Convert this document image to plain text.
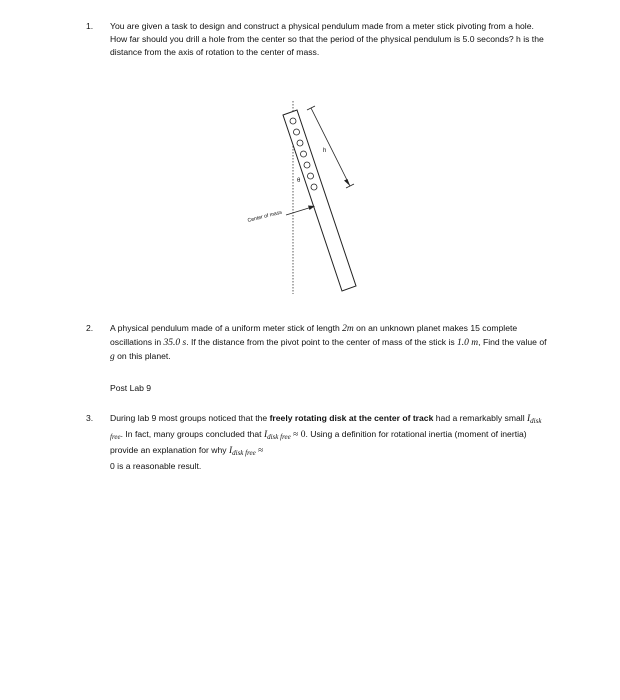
1. You are given a task to design and construct a physical pendulum made from a meter stick pivoting from a hole. How far should you drill a hole from the center so that the period of the physical pendulum is 5.0 seconds? h is the distance from the axis of rotation to the center of mass.
h
θ
Center of mass
2. A physical pendulum made of a uniform meter stick of length 2m on an unknown planet makes 15 complete oscillations in 35.0 s. If the distance from the pivot point to the center of mass of the stick is 1.0 m, Find the value of g on this planet.
Post Lab 9
3. During lab 9 most groups noticed that the freely rotating disk at the center of track had a remarkably small $I_{disk free}$. In fact, many groups concluded that $I_{disk free} \approx 0$. Using a definition for rotational inertia (moment of inertia) provide an explanation for why $I_{disk free}$ ≈
0 is a reasonable result.
